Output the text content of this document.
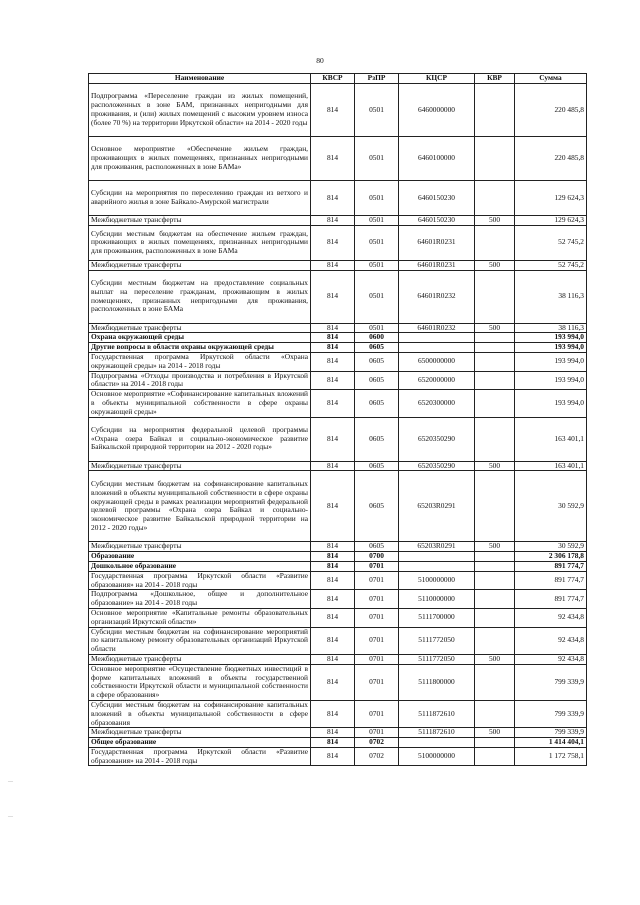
80
—
—
Наименование	КВСР	РзПР	КЦСР	КВР	Сумма
Подпрограмма «Переселение граждан из жилых помещений, расположенных в зоне БАМ, признанных непригодными для проживания, и (или) жилых помещений с высоким уровнем износа (более 70 %) на территории Иркутской области» на 2014 - 2020 годы	814	0501	6460000000		220 485,8
Основное мероприятие «Обеспечение жильем граждан, проживающих в жилых помещениях, признанных непригодными для проживания, расположенных в зоне БАМа»	814	0501	6460100000		220 485,8
Субсидии на мероприятия по переселению граждан из ветхого и аварийного жилья в зоне Байкало-Амурской магистрали	814	0501	6460150230		129 624,3
Межбюджетные трансферты	814	0501	6460150230	500	129 624,3
Субсидии местным бюджетам на обеспечение жильем граждан, проживающих в жилых помещениях, признанных непригодными для проживания, расположенных в зоне БАМа	814	0501	64601R0231		52 745,2
Межбюджетные трансферты	814	0501	64601R0231	500	52 745,2
Субсидии местным бюджетам на предоставление социальных выплат на переселение гражданам, проживающим в жилых помещениях, признанных непригодными для проживания, расположенных в зоне БАМа	814	0501	64601R0232		38 116,3
Межбюджетные трансферты	814	0501	64601R0232	500	38 116,3
Охрана окружающей среды	814	0600			193 994,0
Другие вопросы в области охраны окружающей среды	814	0605			193 994,0
Государственная программа Иркутской области «Охрана окружающей среды» на 2014 - 2018 годы	814	0605	6500000000		193 994,0
Подпрограмма «Отходы производства и потребления в Иркутской области» на 2014 - 2018 годы	814	0605	6520000000		193 994,0
Основное мероприятие «Софинансирование капитальных вложений в объекты муниципальной собственности в сфере охраны окружающей среды»	814	0605	6520300000		193 994,0
Субсидии на мероприятия федеральной целевой программы «Охрана озера Байкал и социально-экономическое развитие Байкальской природной территории на 2012 - 2020 годы»	814	0605	6520350290		163 401,1
Межбюджетные трансферты	814	0605	6520350290	500	163 401,1
Субсидии местным бюджетам на софинансирование капитальных вложений в объекты муниципальной собственности в сфере охраны окружающей среды в рамках реализации мероприятий федеральной целевой программы «Охрана озера Байкал и социально-экономическое развитие Байкальской природной территории на 2012 - 2020 годы»	814	0605	65203R0291		30 592,9
Межбюджетные трансферты	814	0605	65203R0291	500	30 592,9
Образование	814	0700			2 306 178,8
Дошкольное образование	814	0701			891 774,7
Государственная программа Иркутской области «Развитие образования» на 2014 - 2018 годы	814	0701	5100000000		891 774,7
Подпрограмма «Дошкольное, общее и дополнительное образование» на 2014 - 2018 годы	814	0701	5110000000		891 774,7
Основное мероприятие «Капитальные ремонты образовательных организаций Иркутской области»	814	0701	5111700000		92 434,8
Субсидии местным бюджетам на софинансирование мероприятий по капитальному ремонту образовательных организаций Иркутской области	814	0701	5111772050		92 434,8
Межбюджетные трансферты	814	0701	5111772050	500	92 434,8
Основное мероприятие «Осуществление бюджетных инвестиций в форме капитальных вложений в объекты государственной собственности Иркутской области и муниципальной собственности в сфере образования»	814	0701	5111800000		799 339,9
Субсидии местным бюджетам на софинансирование капитальных вложений в объекты муниципальной собственности в сфере образования	814	0701	5111872610		799 339,9
Межбюджетные трансферты	814	0701	5111872610	500	799 339,9
Общее образование	814	0702			1 414 404,1
Государственная программа Иркутской области «Развитие образования» на 2014 - 2018 годы	814	0702	5100000000		1 172 758,1
